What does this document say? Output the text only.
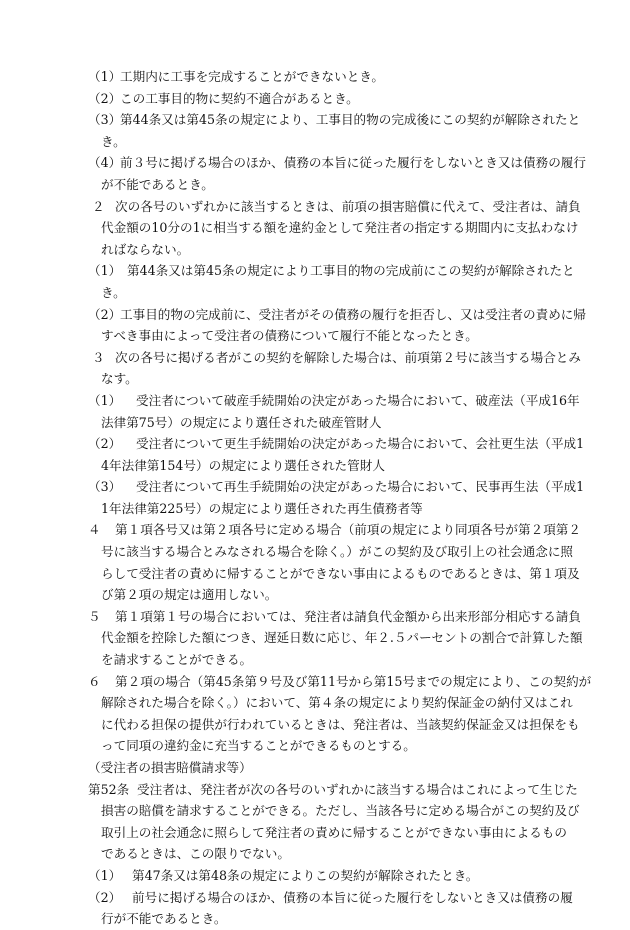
（1）
工期内に工事を完成することができないとき。
（2）
この工事目的物に契約不適合があるとき。
（3）
第44条又は第45条の規定により、工事目的物の完成後にこの契約が解除されたと
き。
（4）
前３号に掲げる場合のほか、債務の本旨に従った履行をしないとき又は債務の履行
が不能であるとき。
２ 次の各号のいずれかに該当するときは、前項の損害賠償に代えて、受注者は、請負
代金額の10分の1に相当する額を違約金として発注者の指定する期間内に支払わなけ
ればならない。
（1） 第44条又は第45条の規定により工事目的物の完成前にこの契約が解除されたと
き。
（2）
工事目的物の完成前に、受注者がその債務の履行を拒否し、又は受注者の責めに帰
すべき事由によって受注者の債務について履行不能となったとき。
３ 次の各号に掲げる者がこの契約を解除した場合は、前項第２号に該当する場合とみ
なす。
（1） 受注者について破産手続開始の決定があった場合において、破産法（平成16年
法律第75号）の規定により選任された破産管財人
（2） 受注者について更生手続開始の決定があった場合において、会社更生法（平成1
4年法律第154号）の規定により選任された管財人
（3） 受注者について再生手続開始の決定があった場合において、民事再生法（平成1
1年法律第225号）の規定により選任された再生債務者等
４ 第１項各号又は第２項各号に定める場合（前項の規定により同項各号が第２項第２
号に該当する場合とみなされる場合を除く。）がこの契約及び取引上の社会通念に照
らして受注者の責めに帰することができない事由によるものであるときは、第１項及
び第２項の規定は適用しない。
５ 第１項第１号の場合においては、発注者は請負代金額から出来形部分相応する請負
代金額を控除した額につき、遅延日数に応じ、年２.５パーセントの割合で計算した額
を請求することができる。
６ 第２項の場合（第45条第９号及び第11号から第15号までの規定により、この契約が
解除された場合を除く。）において、第４条の規定により契約保証金の納付又はこれ
に代わる担保の提供が行われているときは、発注者は、当該契約保証金又は担保をも
って同項の違約金に充当することができるものとする。
（受注者の損害賠償請求等）
第52条 受注者は、発注者が次の各号のいずれかに該当する場合はこれによって生じた
損害の賠償を請求することができる。ただし、当該各号に定める場合がこの契約及び
取引上の社会通念に照らして発注者の責めに帰することができない事由によるもの
であるときは、この限りでない。
（1） 第47条又は第48条の規定によりこの契約が解除されたとき。
（2） 前号に掲げる場合のほか、債務の本旨に従った履行をしないとき又は債務の履
行が不能であるとき。
